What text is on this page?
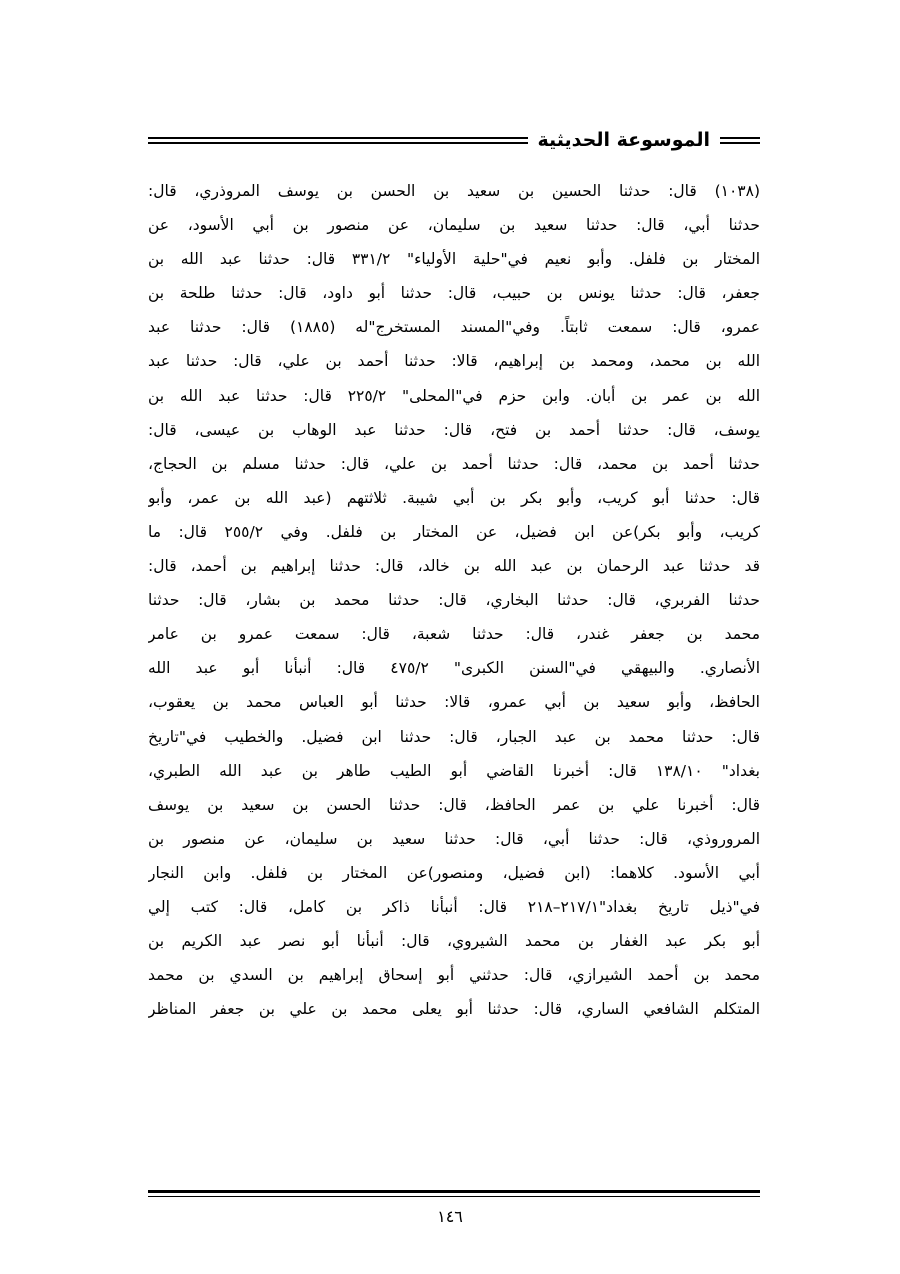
الموسوعة الحديثية
(١٠٣٨) قال: حدثنا الحسين بن سعيد بن الحسن بن يوسف المروذري، قال:
حدثنا أبي، قال: حدثنا سعيد بن سليمان، عن منصور بن أبي الأسود، عن
المختار بن فلفل. وأبو نعيم في"حلية الأولياء" ٣٣١/٢ قال: حدثنا عبد الله بن
جعفر، قال: حدثنا يونس بن حبيب، قال: حدثنا أبو داود، قال: حدثنا طلحة بن
عمرو، قال: سمعت ثابتاً. وفي"المسند المستخرج"له (١٨٨٥) قال: حدثنا عبد
الله بن محمد، ومحمد بن إبراهيم، قالا: حدثنا أحمد بن علي، قال: حدثنا عبد
الله بن عمر بن أبان. وابن حزم في"المحلى" ٢٢٥/٢ قال: حدثنا عبد الله بن
يوسف، قال: حدثنا أحمد بن فتح، قال: حدثنا عبد الوهاب بن عيسى، قال:
حدثنا أحمد بن محمد، قال: حدثنا أحمد بن علي، قال: حدثنا مسلم بن الحجاج،
قال: حدثنا أبو كريب، وأبو بكر بن أبي شيبة. ثلاثتهم (عبد الله بن عمر، وأبو
كريب، وأبو بكر)عن ابن فضيل، عن المختار بن فلفل. وفي ٢٥٥/٢ قال: ما
قد حدثنا عبد الرحمان بن عبد الله بن خالد، قال: حدثنا إبراهيم بن أحمد، قال:
حدثنا الفربري، قال: حدثنا البخاري، قال: حدثنا محمد بن بشار، قال: حدثنا
محمد بن جعفر غندر، قال: حدثنا شعبة، قال: سمعت عمرو بن عامر
الأنصاري. والبيهقي في"السنن الكبرى" ٤٧٥/٢ قال: أنبأنا أبو عبد الله
الحافظ، وأبو سعيد بن أبي عمرو، قالا: حدثنا أبو العباس محمد بن يعقوب،
قال: حدثنا محمد بن عبد الجبار، قال: حدثنا ابن فضيل. والخطيب في"تاريخ
بغداد" ١٣٨/١٠ قال: أخبرنا القاضي أبو الطيب طاهر بن عبد الله الطبري،
قال: أخبرنا علي بن عمر الحافظ، قال: حدثنا الحسن بن سعيد بن يوسف
المروروذي، قال: حدثنا أبي، قال: حدثنا سعيد بن سليمان، عن منصور بن
أبي الأسود. كلاهما: (ابن فضيل، ومنصور)عن المختار بن فلفل. وابن النجار
في"ذيل تاريخ بغداد"٢١٧/١–٢١٨ قال: أنبأنا ذاكر بن كامل، قال: كتب إلي
أبو بكر عبد الغفار بن محمد الشيروي، قال: أنبأنا أبو نصر عبد الكريم بن
محمد بن أحمد الشيرازي، قال: حدثني أبو إسحاق إبراهيم بن السدي بن محمد
المتكلم الشافعي الساري، قال: حدثنا أبو يعلى محمد بن علي بن جعفر المناظر
١٤٦
